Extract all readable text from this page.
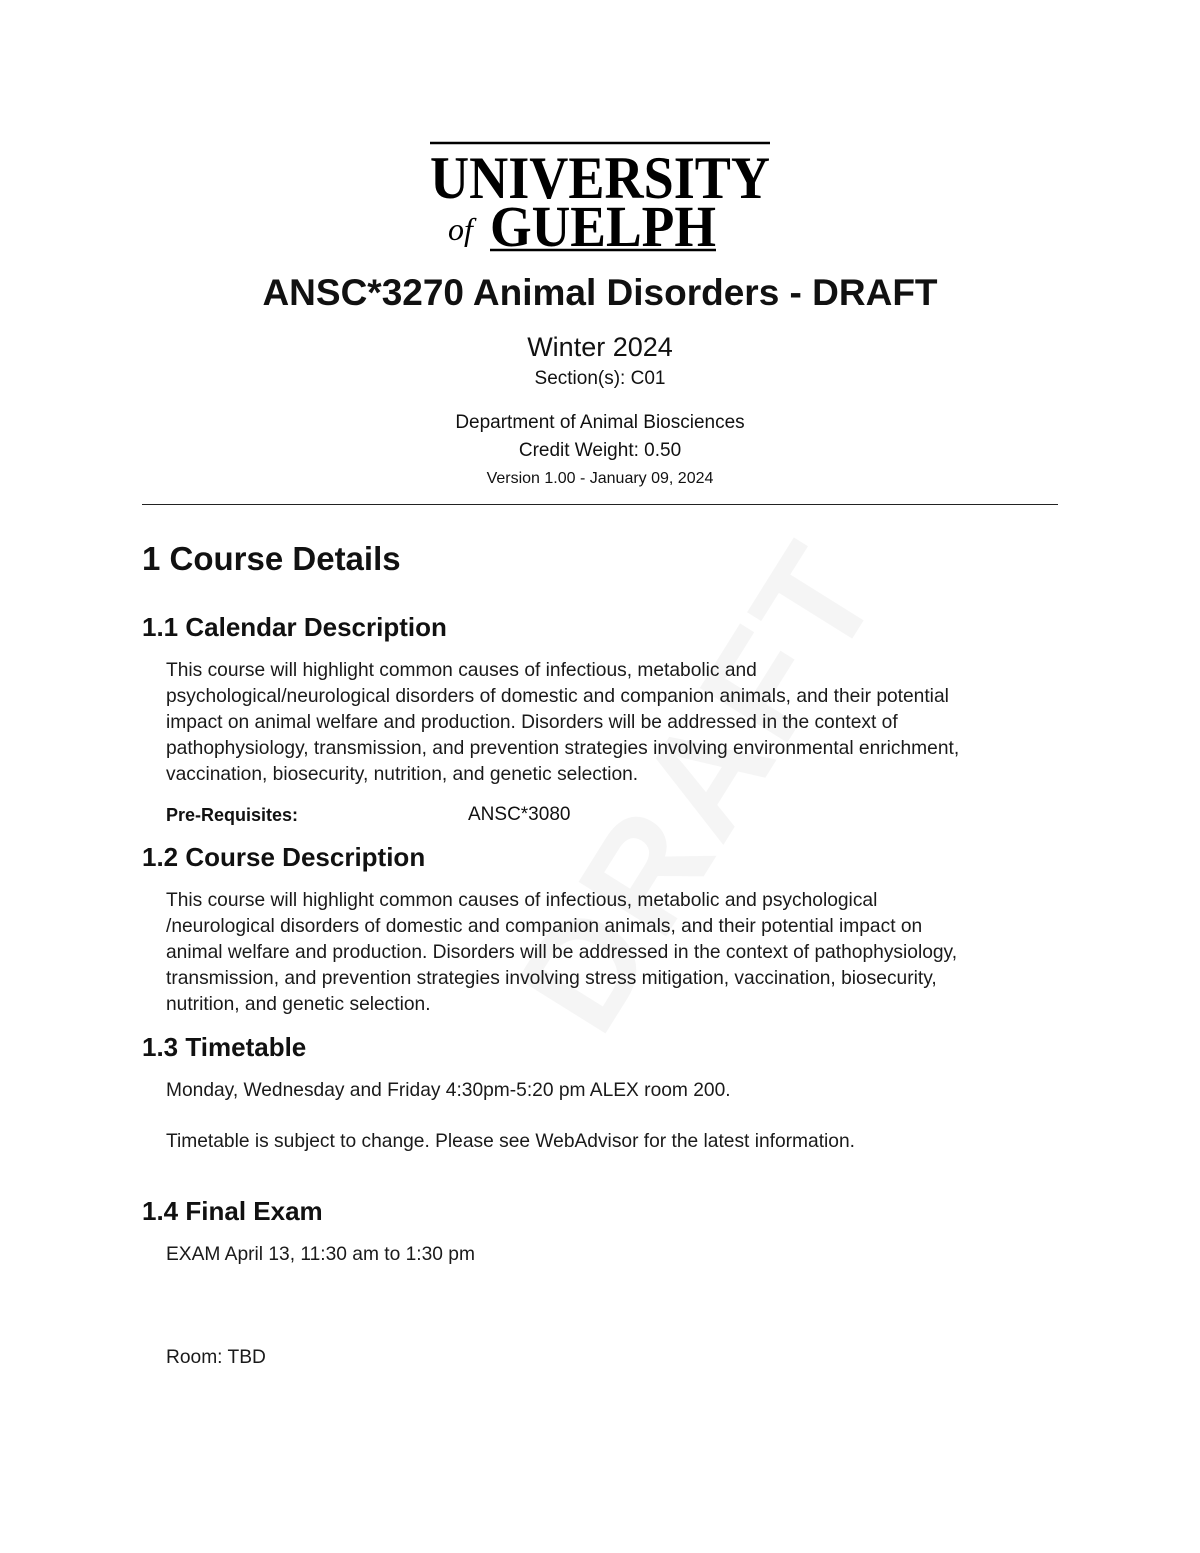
UNIVERSITY
of GUELPH
ANSC*3270 Animal Disorders - DRAFT

Winter 2024

Section(s): C01

Department of Animal Biosciences

Credit Weight: 0.50

Version 1.00 - January 09, 2024

1 Course Details
1.1 Calendar Description
This course will highlight common causes of infectious, metabolic and
psychological/neurological disorders of domestic and companion animals, and their potential
impact on animal welfare and production. Disorders will be addressed in the context of
pathophysiology, transmission, and prevention strategies involving environmental enrichment,
vaccination, biosecurity, nutrition, and genetic selection.
Pre-Requisites:	ANSC*3080
1.2 Course Description
This course will highlight common causes of infectious, metabolic and psychological
/neurological disorders of domestic and companion animals, and their potential impact on
animal welfare and production. Disorders will be addressed in the context of pathophysiology,
transmission, and prevention strategies involving stress mitigation, vaccination, biosecurity,
nutrition, and genetic selection.
1.3 Timetable
Monday, Wednesday and Friday 4:30pm-5:20 pm ALEX room 200.
Timetable is subject to change. Please see WebAdvisor for the latest information.
1.4 Final Exam
EXAM April 13, 11:30 am to 1:30 pm
Room: TBD
